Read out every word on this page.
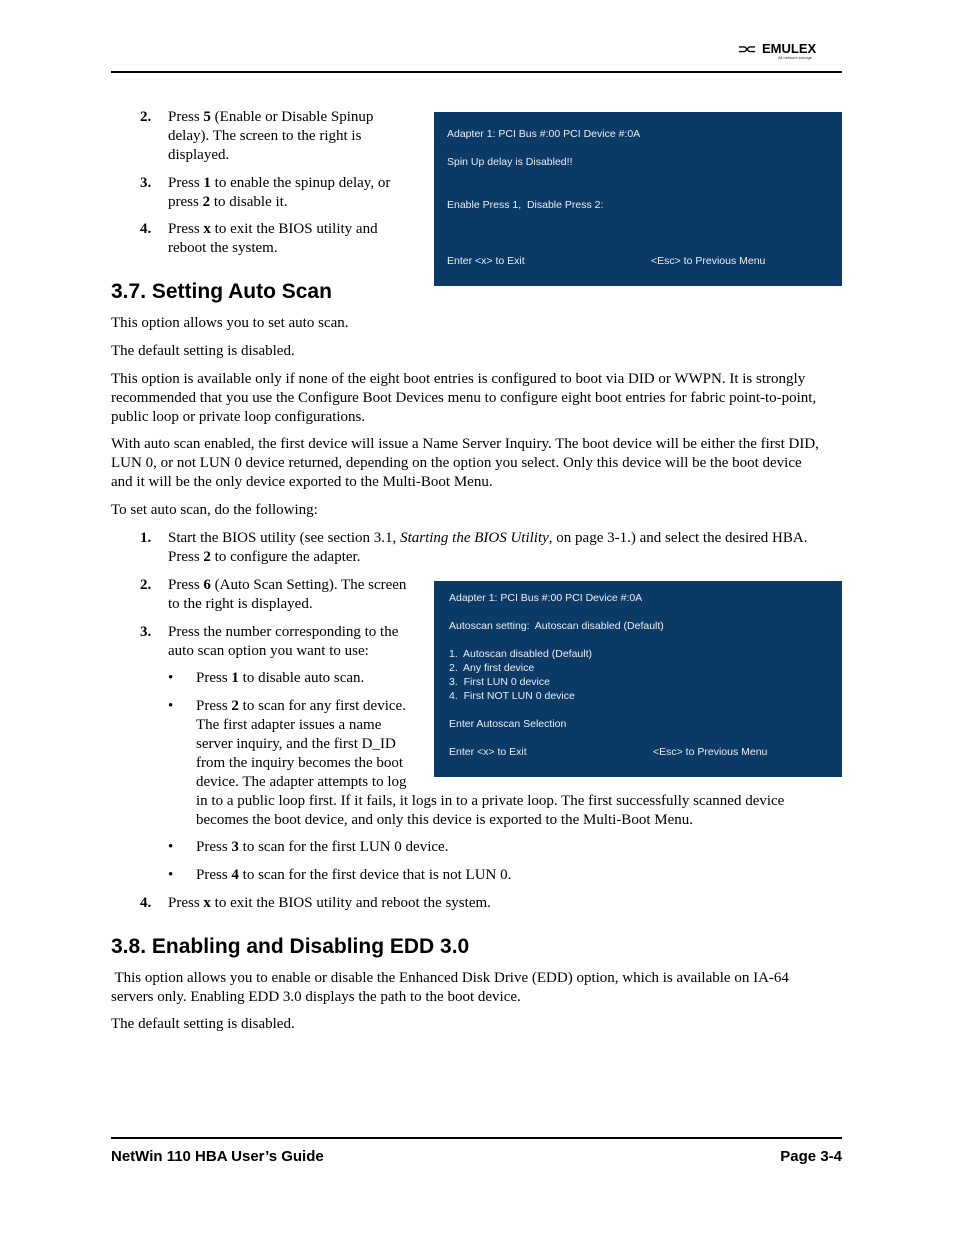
⊃⊂ EMULEX
All network storage
2. Press 5 (Enable or Disable Spinup delay). The screen to the right is displayed.
3. Press 1 to enable the spinup delay, or press 2 to disable it.
4. Press x to exit the BIOS utility and reboot the system.
Adapter 1: PCI Bus #:00 PCI Device #:0A
Spin Up delay is Disabled!!
Enable Press 1,  Disable Press 2:
Enter <x> to Exit	<Esc> to Previous Menu
3.7. Setting Auto Scan
This option allows you to set auto scan.
The default setting is disabled.
This option is available only if none of the eight boot entries is configured to boot via DID or WWPN. It is strongly
recommended that you use the Configure Boot Devices menu to configure eight boot entries for fabric point-to-point,
public loop or private loop configurations.
With auto scan enabled, the first device will issue a Name Server Inquiry. The boot device will be either the first DID,
LUN 0, or not LUN 0 device returned, depending on the option you select. Only this device will be the boot device
and it will be the only device exported to the Multi-Boot Menu.
To set auto scan, do the following:
1. Start the BIOS utility (see section 3.1, Starting the BIOS Utility, on page 3-1.) and select the desired HBA.
Press 2 to configure the adapter.
2. Press 6 (Auto Scan Setting). The screen
to the right is displayed.
3. Press the number corresponding to the
auto scan option you want to use:
• Press 1 to disable auto scan.
• Press 2 to scan for any first device.
The first adapter issues a name
server inquiry, and the first D_ID
from the inquiry becomes the boot
device. The adapter attempts to log
in to a public loop first. If it fails, it logs in to a private loop. The first successfully scanned device
becomes the boot device, and only this device is exported to the Multi-Boot Menu.
• Press 3 to scan for the first LUN 0 device.
• Press 4 to scan for the first device that is not LUN 0.
4. Press x to exit the BIOS utility and reboot the system.
Adapter 1: PCI Bus #:00 PCI Device #:0A
Autoscan setting:  Autoscan disabled (Default)
1.  Autoscan disabled (Default)
2.  Any first device
3.  First LUN 0 device
4.  First NOT LUN 0 device
Enter Autoscan Selection
Enter <x> to Exit	<Esc> to Previous Menu
3.8. Enabling and Disabling EDD 3.0
This option allows you to enable or disable the Enhanced Disk Drive (EDD) option, which is available on IA-64
servers only. Enabling EDD 3.0 displays the path to the boot device.
The default setting is disabled.
NetWin 110 HBA User’s Guide	Page 3-4
